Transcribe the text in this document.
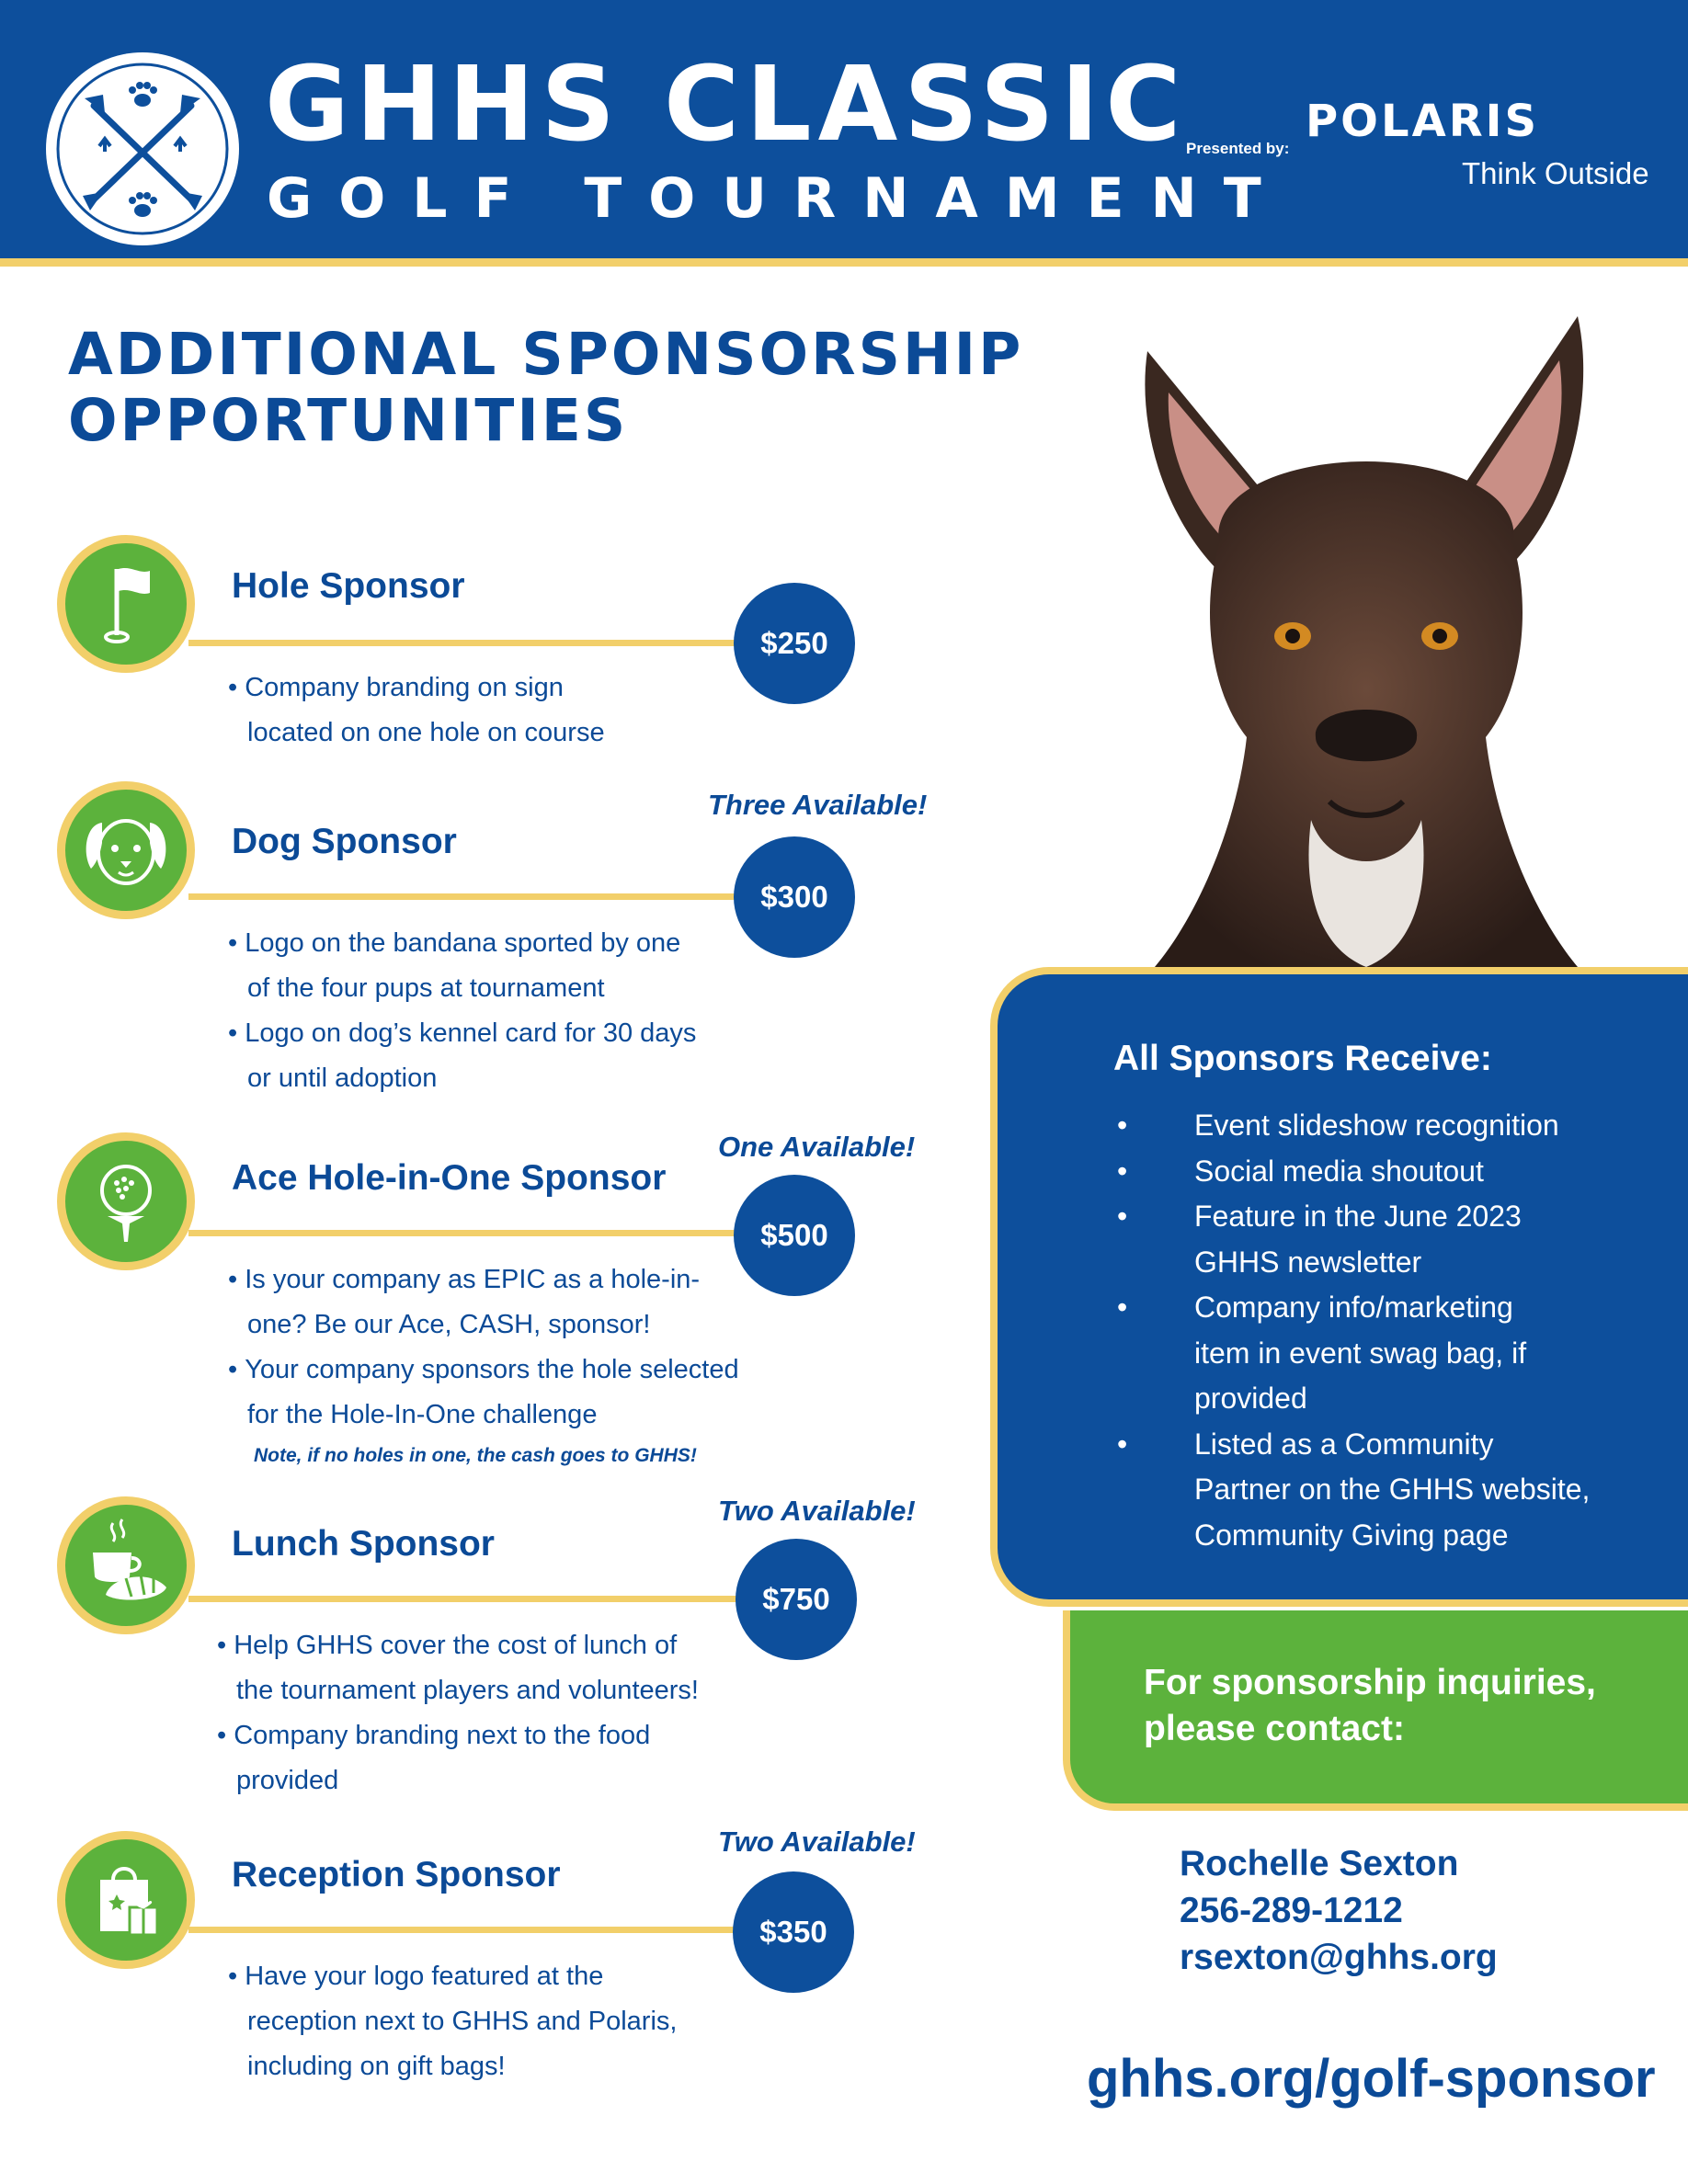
GHHS CLASSIC
GOLF TOURNAMENT
Presented by:
POLARIS
Think Outside
ADDITIONAL SPONSORSHIP
OPPORTUNITIES
Hole Sponsor
$250
• Company branding on sign located on one hole on course
Three Available!
Dog Sponsor
$300
• Logo on the bandana sported by one of the four pups at tournament
• Logo on dog’s kennel card for 30 days or until adoption
One Available!
Ace Hole-in-One Sponsor
$500
• Is your company as EPIC as a hole-in-one? Be our Ace, CASH, sponsor!
• Your company sponsors the hole selected for the Hole-In-One challenge
Note, if no holes in one, the cash goes to GHHS!
Two Available!
Lunch Sponsor
$750
• Help GHHS cover the cost of lunch of the tournament players and volunteers!
• Company branding next to the food provided
Two Available!
Reception Sponsor
$350
• Have your logo featured at the reception next to GHHS and Polaris, including on gift bags!
All Sponsors Receive:
• Event slideshow recognition
• Social media shoutout
• Feature in the June 2023 GHHS newsletter
• Company info/marketing item in event swag bag, if provided
• Listed as a Community Partner on the GHHS website, Community Giving page

For sponsorship inquiries, please contact:

Rochelle Sexton
256-289-1212
rsexton@ghhs.org
ghhs.org/golf-sponsor
